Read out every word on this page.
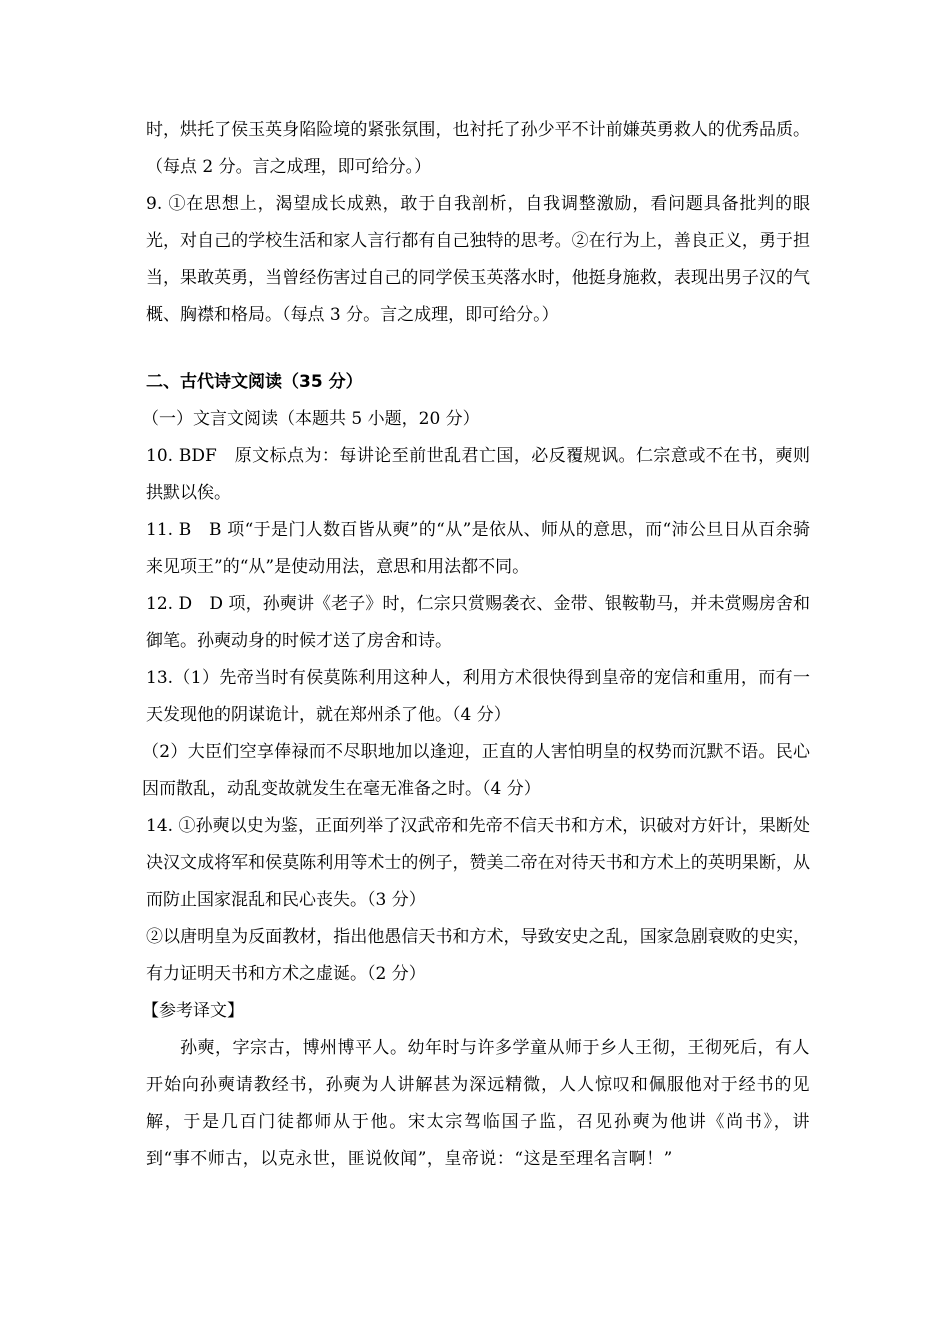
时，烘托了侯玉英身陷险境的紧张氛围，也衬托了孙少平不计前嫌英勇救人的优秀品质。（每点 2 分。言之成理，即可给分。）

9. ①在思想上，渴望成长成熟，敢于自我剖析，自我调整激励，看问题具备批判的眼光，对自己的学校生活和家人言行都有自己独特的思考。②在行为上，善良正义，勇于担当，果敢英勇，当曾经伤害过自己的同学侯玉英落水时，他挺身施救，表现出男子汉的气概、胸襟和格局。（每点 3 分。言之成理，即可给分。）

二、古代诗文阅读（35 分）

（一）文言文阅读（本题共 5 小题，20 分）

10. BDF　原文标点为：每讲论至前世乱君亡国，必反覆规讽。仁宗意或不在书，奭则拱默以俟。

11. B　B 项“于是门人数百皆从奭”的“从”是依从、师从的意思，而“沛公旦日从百余骑来见项王”的“从”是使动用法，意思和用法都不同。

12. D　D 项，孙奭讲《老子》时，仁宗只赏赐袭衣、金带、银鞍勒马，并未赏赐房舍和御笔。孙奭动身的时候才送了房舍和诗。

13.（1）先帝当时有侯莫陈利用这种人，利用方术很快得到皇帝的宠信和重用，而有一天发现他的阴谋诡计，就在郑州杀了他。（4 分）

（2）大臣们空享俸禄而不尽职地加以逢迎，正直的人害怕明皇的权势而沉默不语。民心因而散乱，动乱变故就发生在毫无准备之时。（4 分）

14. ①孙奭以史为鉴，正面列举了汉武帝和先帝不信天书和方术，识破对方奸计，果断处决汉文成将军和侯莫陈利用等术士的例子，赞美二帝在对待天书和方术上的英明果断，从而防止国家混乱和民心丧失。（3 分）

②以唐明皇为反面教材，指出他愚信天书和方术，导致安史之乱，国家急剧衰败的史实，有力证明天书和方术之虚诞。（2 分）

【参考译文】

孙奭，字宗古，博州博平人。幼年时与许多学童从师于乡人王彻，王彻死后，有人开始向孙奭请教经书，孙奭为人讲解甚为深远精微，人人惊叹和佩服他对于经书的见解，于是几百门徒都师从于他。宋太宗驾临国子监，召见孙奭为他讲《尚书》，讲到“事不师古，以克永世，匪说攸闻”，皇帝说：“这是至理名言啊！”
